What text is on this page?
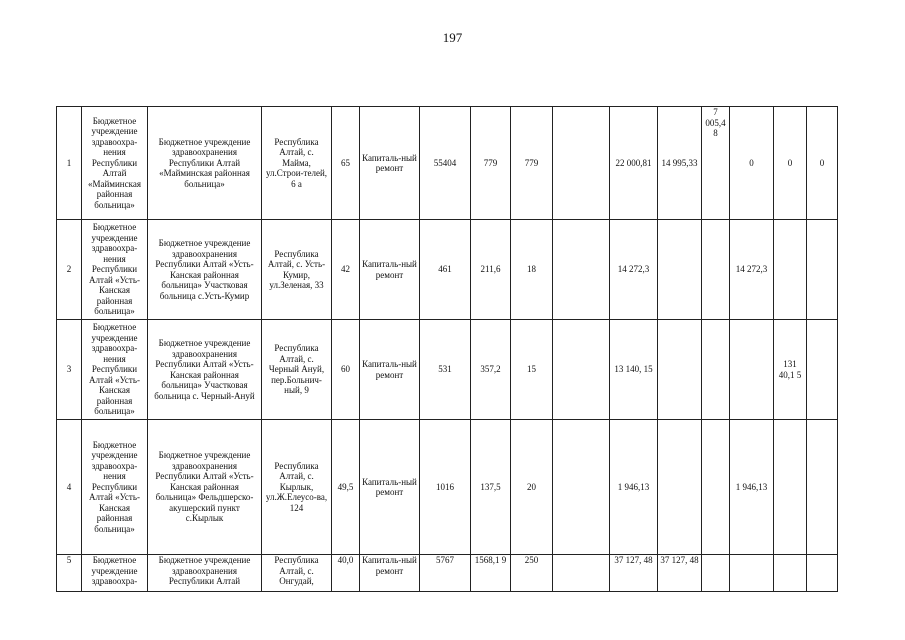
197
1	Бюджетное учреждение здравоохра-нения Республики Алтай «Майминская районная больница»	Бюджетное учреждение здравоохранения Республики Алтай «Майминская районная больница»	Республика Алтай, с. Майма, ул.Строи-телей, 6 а	65	Капиталь-ный ремонт	55404	779	779		22 000,81	14 995,33	7 005,4 8	0	0	0
2	Бюджетное учреждение здравоохра-нения Республики Алтай «Усть-Канская районная больница»	Бюджетное учреждение здравоохранения Республики Алтай «Усть-Канская районная больница» Участковая больница с.Усть-Кумир	Республика Алтай, с. Усть-Кумир, ул.Зеленая, 33	42	Капиталь-ный ремонт	461	211,6	18		14 272,3			14 272,3		
3	Бюджетное учреждение здравоохра-нения Республики Алтай «Усть-Канская районная больница»	Бюджетное учреждение здравоохранения Республики Алтай «Усть-Канская районная больница» Участковая больница с. Черный-Ануй	Республика Алтай, с. Черный Ануй, пер.Больнич-ный, 9	60	Капиталь-ный ремонт	531	357,2	15		13 140, 15				131 40,1 5	
4	Бюджетное учреждение здравоохра-нения Республики Алтай «Усть-Канская районная больница»	Бюджетное учреждение здравоохранения Республики Алтай «Усть-Канская районная больница» Фельдшерско-акушерский пункт с.Кырлык	Республика Алтай, с. Кырлык, ул.Ж.Елеусо-ва, 124	49,5	Капиталь-ный ремонт	1016	137,5	20		1 946,13			1 946,13		
5	Бюджетное учреждение здравоохра-	Бюджетное учреждение здравоохранения Республики Алтай	Республика Алтай, с. Онгудай,	40,0	Капиталь-ный ремонт	5767	1568,1 9	250		37 127, 48	37 127, 48				
